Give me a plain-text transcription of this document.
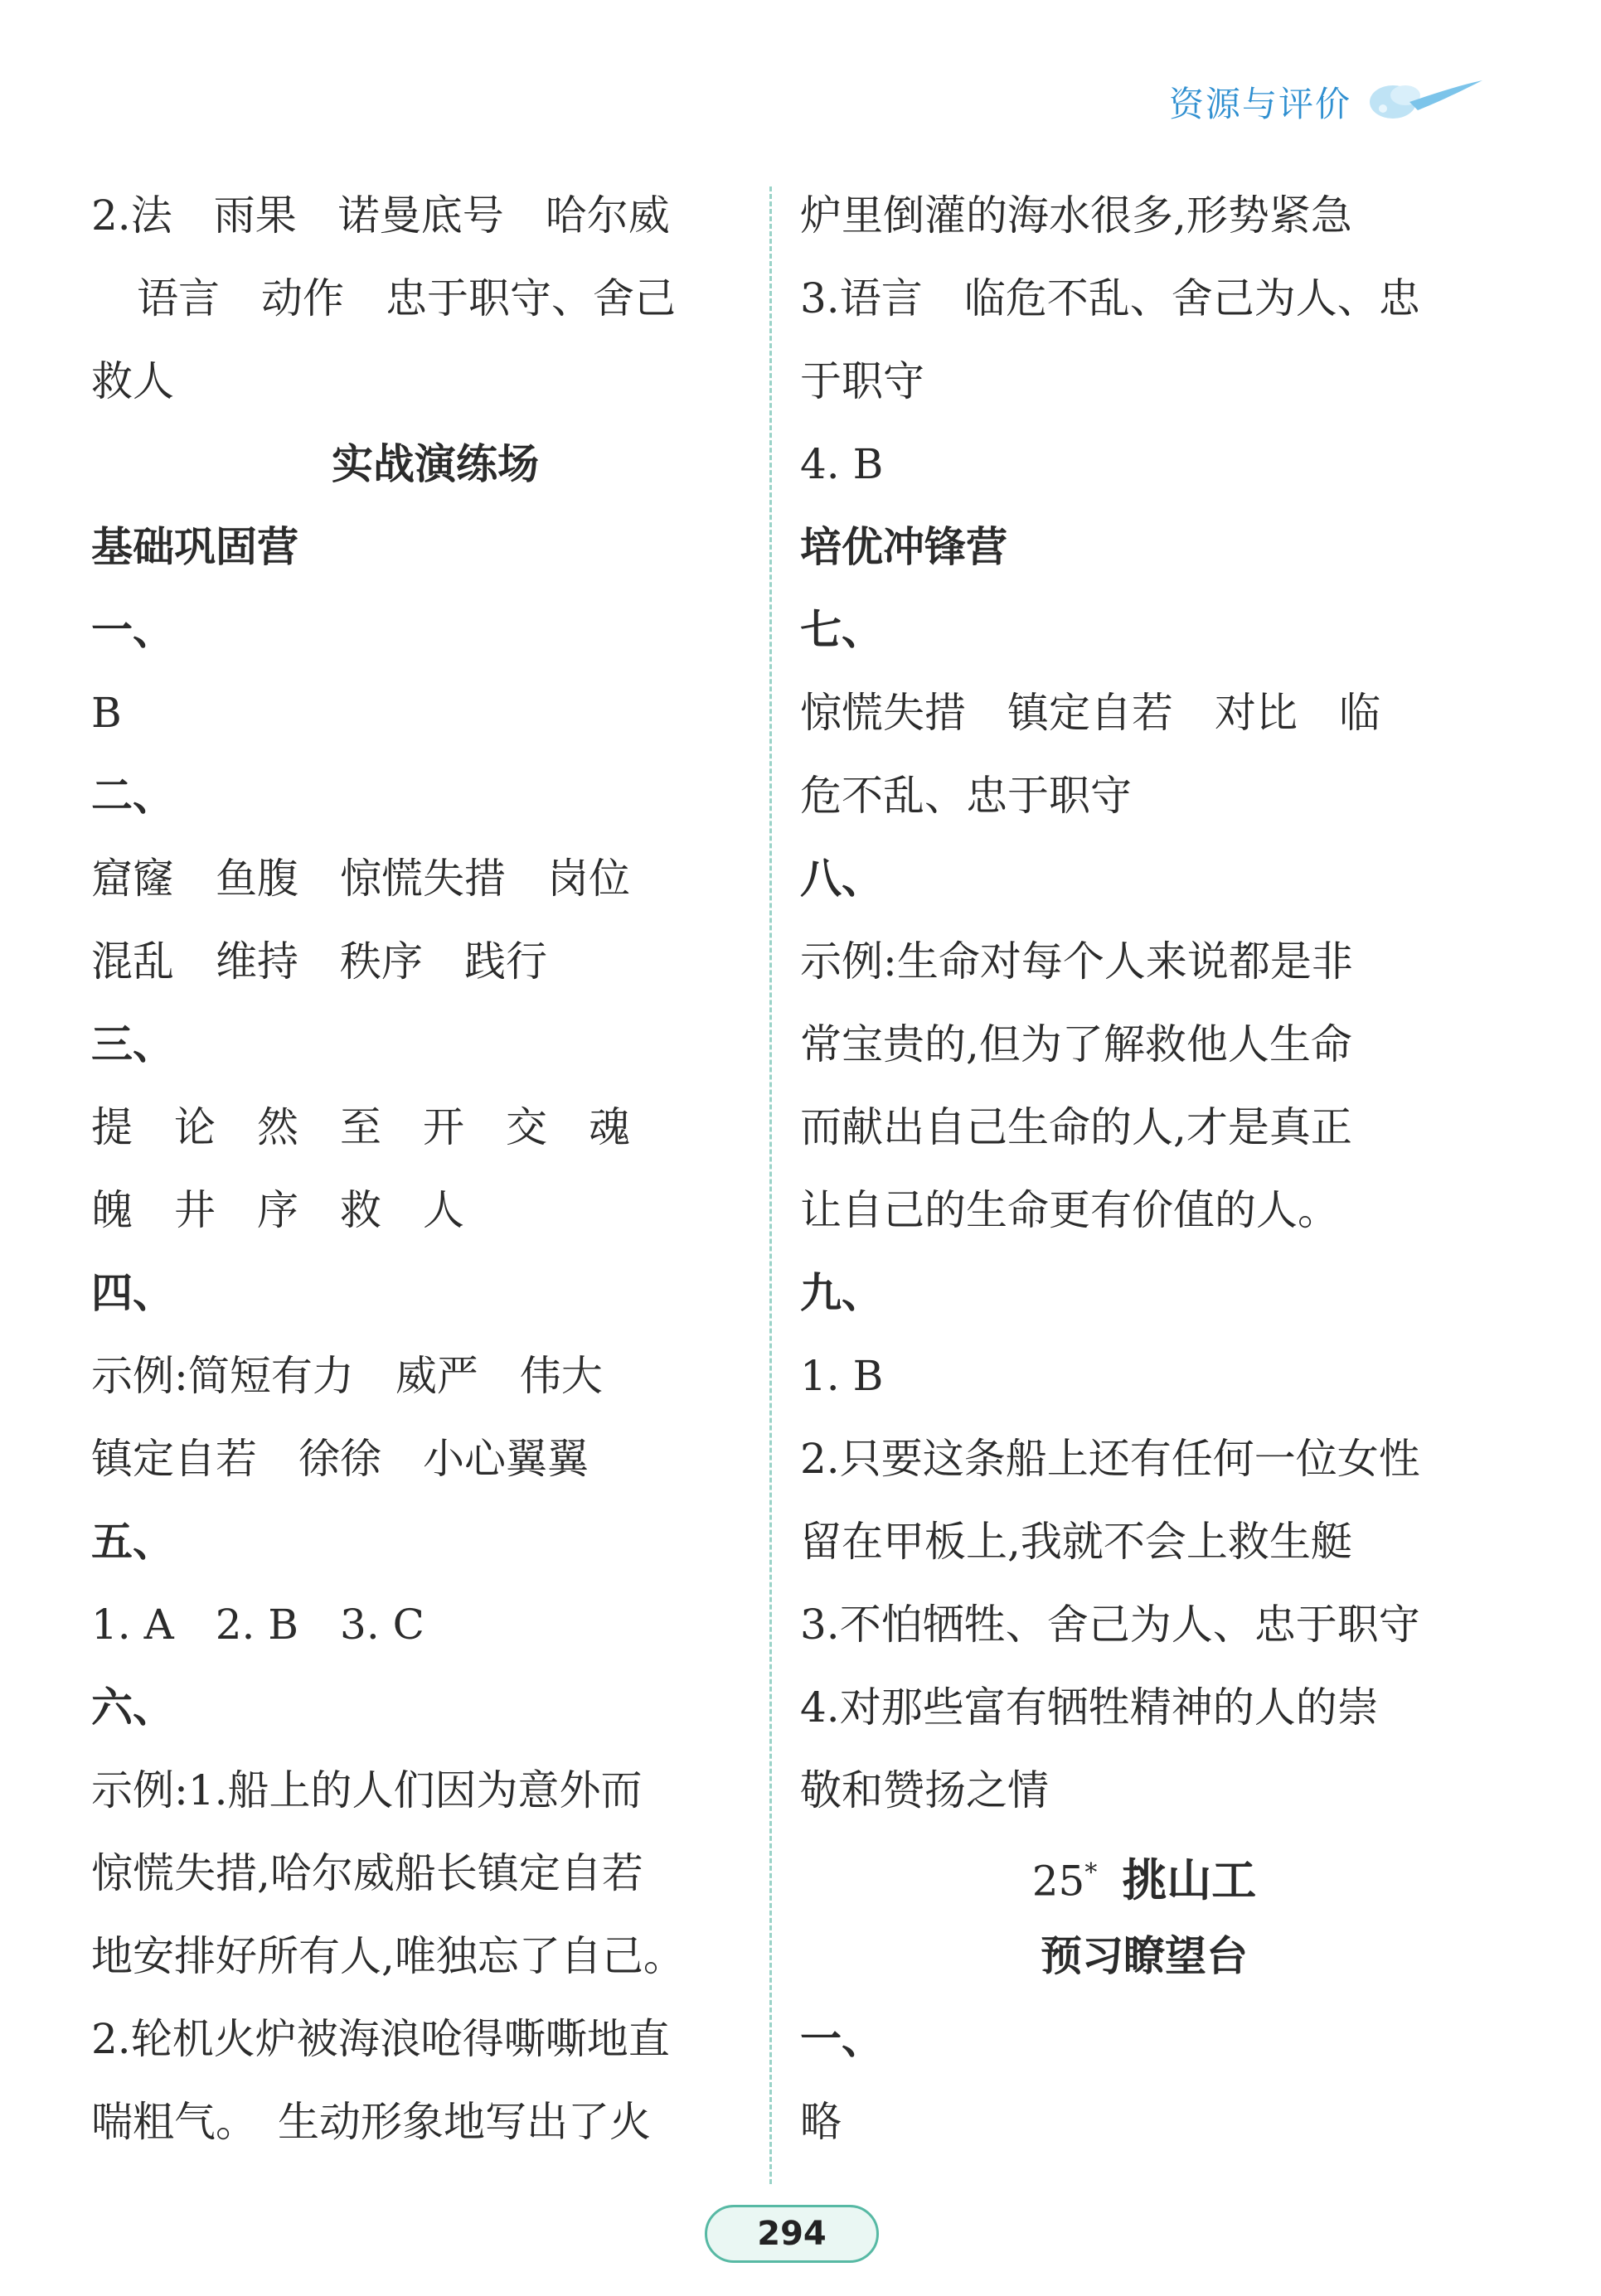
资源与评价
2.法　雨果　诺曼底号　哈尔威
语言　动作　忠于职守、舍己
救人
实战演练场
基础巩固营
一、
B
二、
窟窿　鱼腹　惊慌失措　岗位
混乱　维持　秩序　践行
三、
提　论　然　至　开　交　魂
魄　井　序　救　人
四、
示例:简短有力　威严　伟大
镇定自若　徐徐　小心翼翼
五、
1. A　2. B　3. C
六、
示例:1.船上的人们因为意外而
惊慌失措,哈尔威船长镇定自若
地安排好所有人,唯独忘了自己。
2.轮机火炉被海浪呛得嘶嘶地直
喘粗气。　生动形象地写出了火
炉里倒灌的海水很多,形势紧急
3.语言　临危不乱、舍己为人、忠
于职守
4. B
培优冲锋营
七、
惊慌失措　镇定自若　对比　临
危不乱、忠于职守
八、
示例:生命对每个人来说都是非
常宝贵的,但为了解救他人生命
而献出自己生命的人,才是真正
让自己的生命更有价值的人。
九、
1. B
2.只要这条船上还有任何一位女性
留在甲板上,我就不会上救生艇
3.不怕牺牲、舍己为人、忠于职守
4.对那些富有牺牲精神的人的崇
敬和赞扬之情
25* 挑山工
预习瞭望台
一、
略
294
